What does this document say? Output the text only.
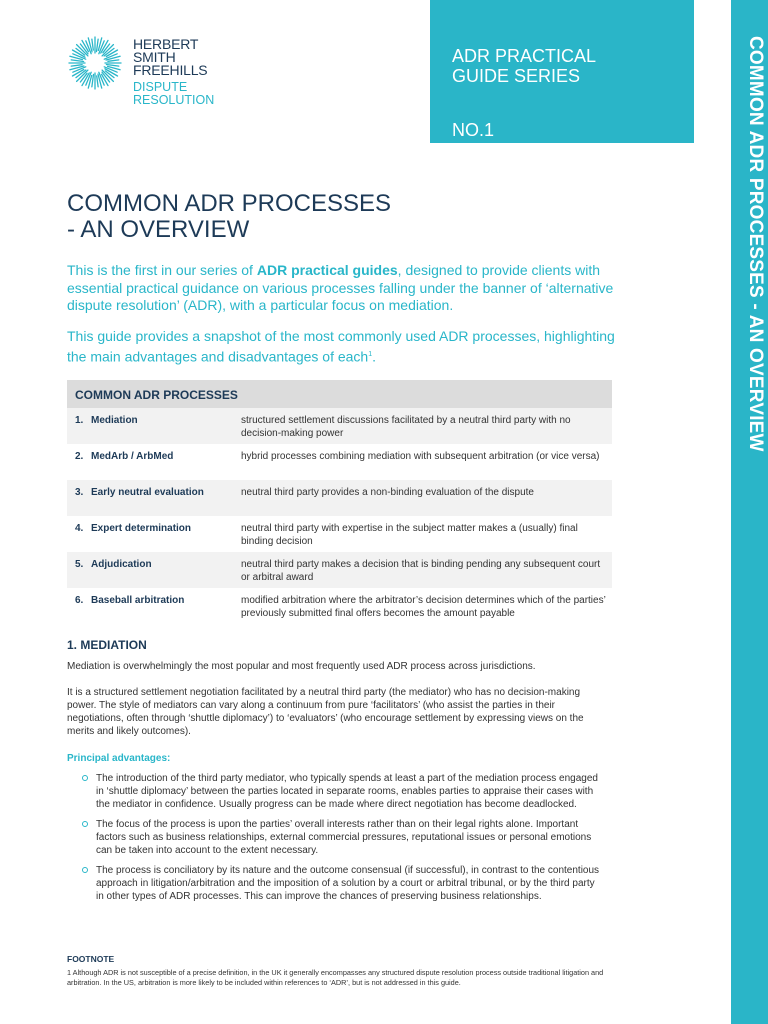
HERBERT
SMITH
FREEHILLS
DISPUTE
RESOLUTION
ADR PRACTICAL
GUIDE SERIES
NO.1	COMMON ADR PROCESSES - AN OVERVIEW
COMMON ADR PROCESSES
- AN OVERVIEW

This is the first in our series of ADR practical guides, designed to provide clients with essential practical guidance on various processes falling under the banner of ‘alternative dispute resolution’ (ADR), with a particular focus on mediation.

This guide provides a snapshot of the most commonly used ADR processes, highlighting the main advantages and disadvantages of each$^1$.

COMMON ADR PROCESSES
1. Mediation	structured settlement discussions facilitated by a neutral third party with no decision-making power
2. MedArb / ArbMed	hybrid processes combining mediation with subsequent arbitration (or vice versa)
3. Early neutral evaluation	neutral third party provides a non-binding evaluation of the dispute
4. Expert determination	neutral third party with expertise in the subject matter makes a (usually) final binding decision
5. Adjudication	neutral third party makes a decision that is binding pending any subsequent court or arbitral award
6. Baseball arbitration	modified arbitration where the arbitrator’s decision determines which of the parties’ previously submitted final offers becomes the amount payable
1. MEDIATION

Mediation is overwhelmingly the most popular and most frequently used ADR process across jurisdictions.

It is a structured settlement negotiation facilitated by a neutral third party (the mediator) who has no decision-making power. The style of mediators can vary along a continuum from pure ‘facilitators’ (who assist the parties in their negotiations, often through ‘shuttle diplomacy’) to ‘evaluators’ (who encourage settlement by expressing views on the merits and likely outcomes).

Principal advantages:

The introduction of the third party mediator, who typically spends at least a part of the mediation process engaged in ‘shuttle diplomacy’ between the parties located in separate rooms, enables parties to appraise their cases with the mediator in confidence. Usually progress can be made where direct negotiation has become deadlocked.
The focus of the process is upon the parties’ overall interests rather than on their legal rights alone. Important factors such as business relationships, external commercial pressures, reputational issues or personal emotions can be taken into account to the extent necessary.
The process is conciliatory by its nature and the outcome consensual (if successful), in contrast to the contentious approach in litigation/arbitration and the imposition of a solution by a court or arbitral tribunal, or by the third party in other types of ADR processes. This can improve the chances of preserving business relationships.

FOOTNOTE

1 Although ADR is not susceptible of a precise definition, in the UK it generally encompasses any structured dispute resolution process outside traditional litigation and arbitration. In the US, arbitration is more likely to be included within references to ‘ADR’, but is not addressed in this guide.
